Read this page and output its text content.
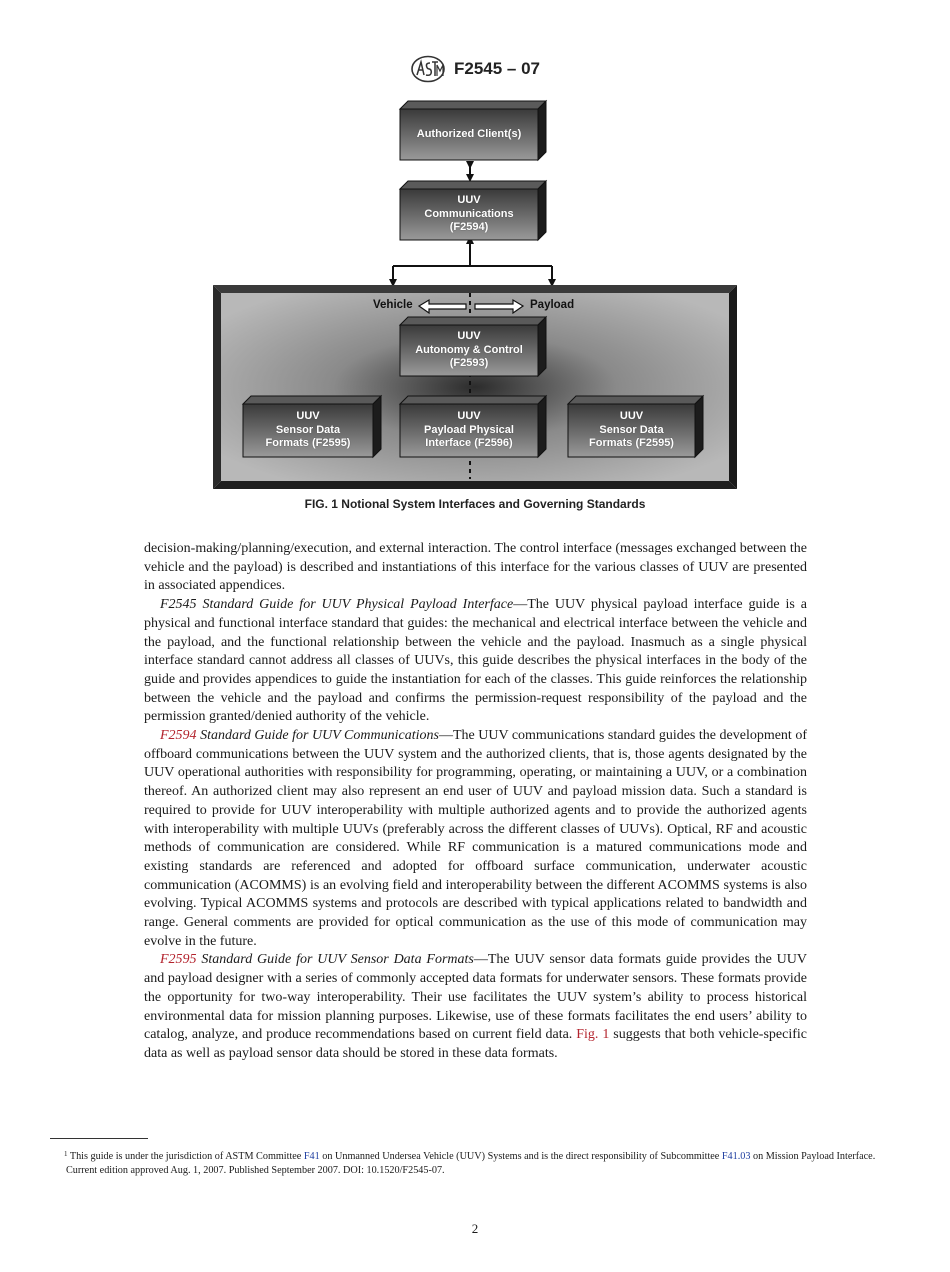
F2545 – 07
Authorized Client(s)
UUV
Communications
(F2594)
UUV
Autonomy & Control
(F2593)
UUV
Sensor Data
Formats (F2595)
UUV
Payload Physical
Interface (F2596)
UUV
Sensor Data
Formats (F2595)
Vehicle	Payload
FIG. 1 Notional System Interfaces and Governing Standards

decision-making/planning/execution, and external interaction. The control interface (messages exchanged between the vehicle and the payload) is described and instantiations of this interface for the various classes of UUV are presented in associated appendices.

F2545 Standard Guide for UUV Physical Payload Interface—The UUV physical payload interface guide is a physical and functional interface standard that guides: the mechanical and electrical interface between the vehicle and the payload, and the functional relationship between the vehicle and the payload. Inasmuch as a single physical interface standard cannot address all classes of UUVs, this guide describes the physical interfaces in the body of the guide and provides appendices to guide the instantiation for each of the classes. This guide reinforces the relationship between the vehicle and the payload and confirms the permission-request responsibility of the payload and the permission granted/denied authority of the vehicle.

F2594 Standard Guide for UUV Communications—The UUV communications standard guides the development of offboard communications between the UUV system and the authorized clients, that is, those agents designated by the UUV operational authorities with responsibility for programming, operating, or maintaining a UUV, or a combination thereof. An authorized client may also represent an end user of UUV and payload mission data. Such a standard is required to provide for UUV interoperability with multiple authorized agents and to provide the authorized agents with interoperability with multiple UUVs (preferably across the different classes of UUVs). Optical, RF and acoustic methods of communication are considered. While RF communication is a matured communications mode and existing standards are referenced and adopted for offboard surface communication, underwater acoustic communication (ACOMMS) is an evolving field and interoperability between the different ACOMMS systems is also evolving. Typical ACOMMS systems and protocols are described with typical applications related to bandwidth and range. General comments are provided for optical communication as the use of this mode of communication may evolve in the future.

F2595 Standard Guide for UUV Sensor Data Formats—The UUV sensor data formats guide provides the UUV and payload designer with a series of commonly accepted data formats for underwater sensors. These formats provide the opportunity for two-way interoperability. Their use facilitates the UUV system’s ability to process historical environmental data for mission planning purposes. Likewise, use of these formats facilitates the end users’ ability to catalog, analyze, and produce recommendations based on current field data. Fig. 1 suggests that both vehicle-specific data as well as payload sensor data should be stored in these data formats.

$^1$ This guide is under the jurisdiction of ASTM Committee F41 on Unmanned Undersea Vehicle (UUV) Systems and is the direct responsibility of Subcommittee F41.03 on Mission Payload Interface.

Current edition approved Aug. 1, 2007. Published September 2007. DOI: 10.1520/F2545-07.

2
